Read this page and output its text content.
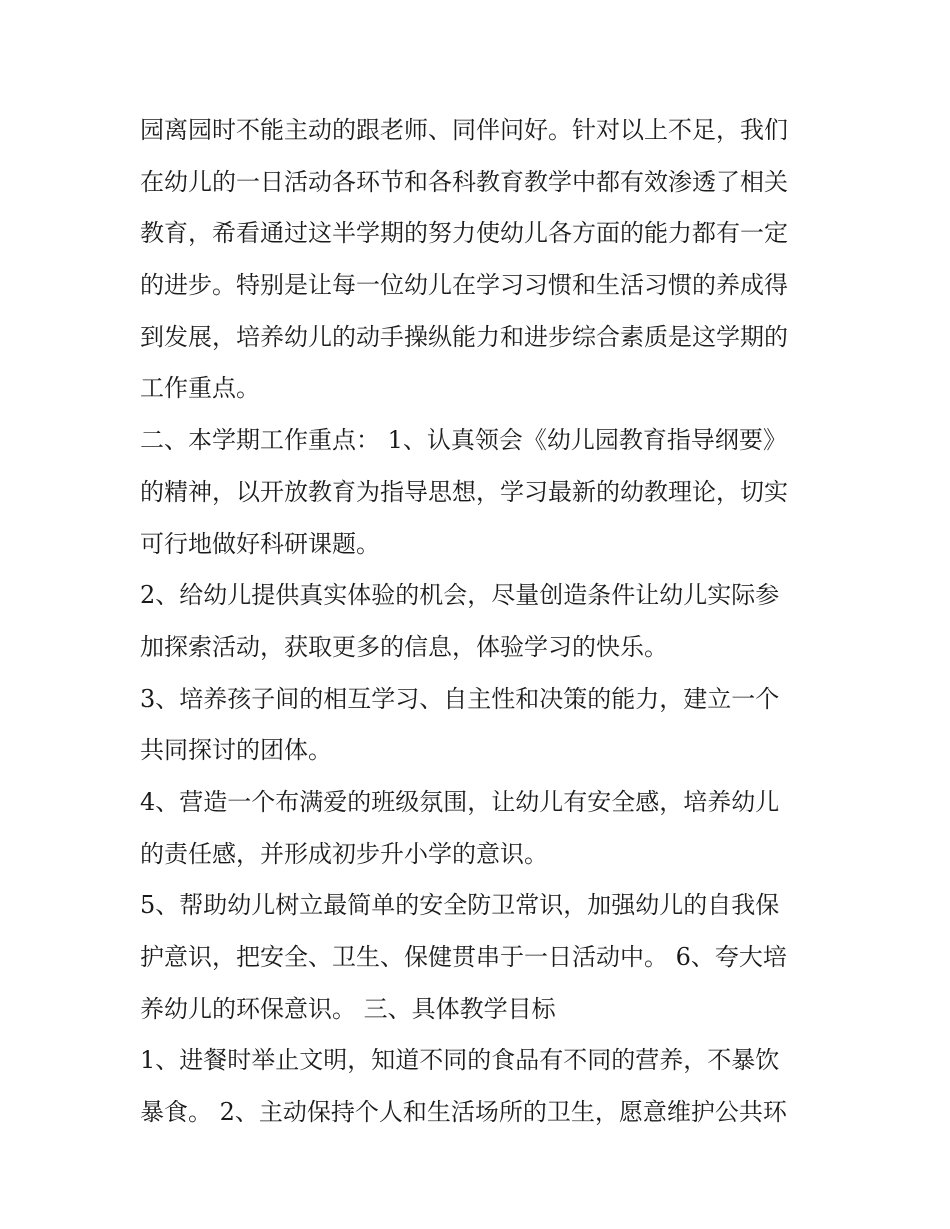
园离园时不能主动的跟老师、同伴问好。针对以上不足，我们
在幼儿的一日活动各环节和各科教育教学中都有效渗透了相关
教育，希看通过这半学期的努力使幼儿各方面的能力都有一定
的进步。特别是让每一位幼儿在学习习惯和生活习惯的养成得
到发展，培养幼儿的动手操纵能力和进步综合素质是这学期的
工作重点。
二、本学期工作重点： 1、认真领会《幼儿园教育指导纲要》
的精神，以开放教育为指导思想，学习最新的幼教理论，切实
可行地做好科研课题。
2、给幼儿提供真实体验的机会，尽量创造条件让幼儿实际参
加探索活动，获取更多的信息，体验学习的快乐。
3、培养孩子间的相互学习、自主性和决策的能力，建立一个
共同探讨的团体。
4、营造一个布满爱的班级氛围，让幼儿有安全感，培养幼儿
的责任感，并形成初步升小学的意识。
5、帮助幼儿树立最简单的安全防卫常识，加强幼儿的自我保
护意识，把安全、卫生、保健贯串于一日活动中。 6、夸大培
养幼儿的环保意识。 三、具体教学目标
1、进餐时举止文明，知道不同的食品有不同的营养，不暴饮
暴食。 2、主动保持个人和生活场所的卫生，愿意维护公共环
